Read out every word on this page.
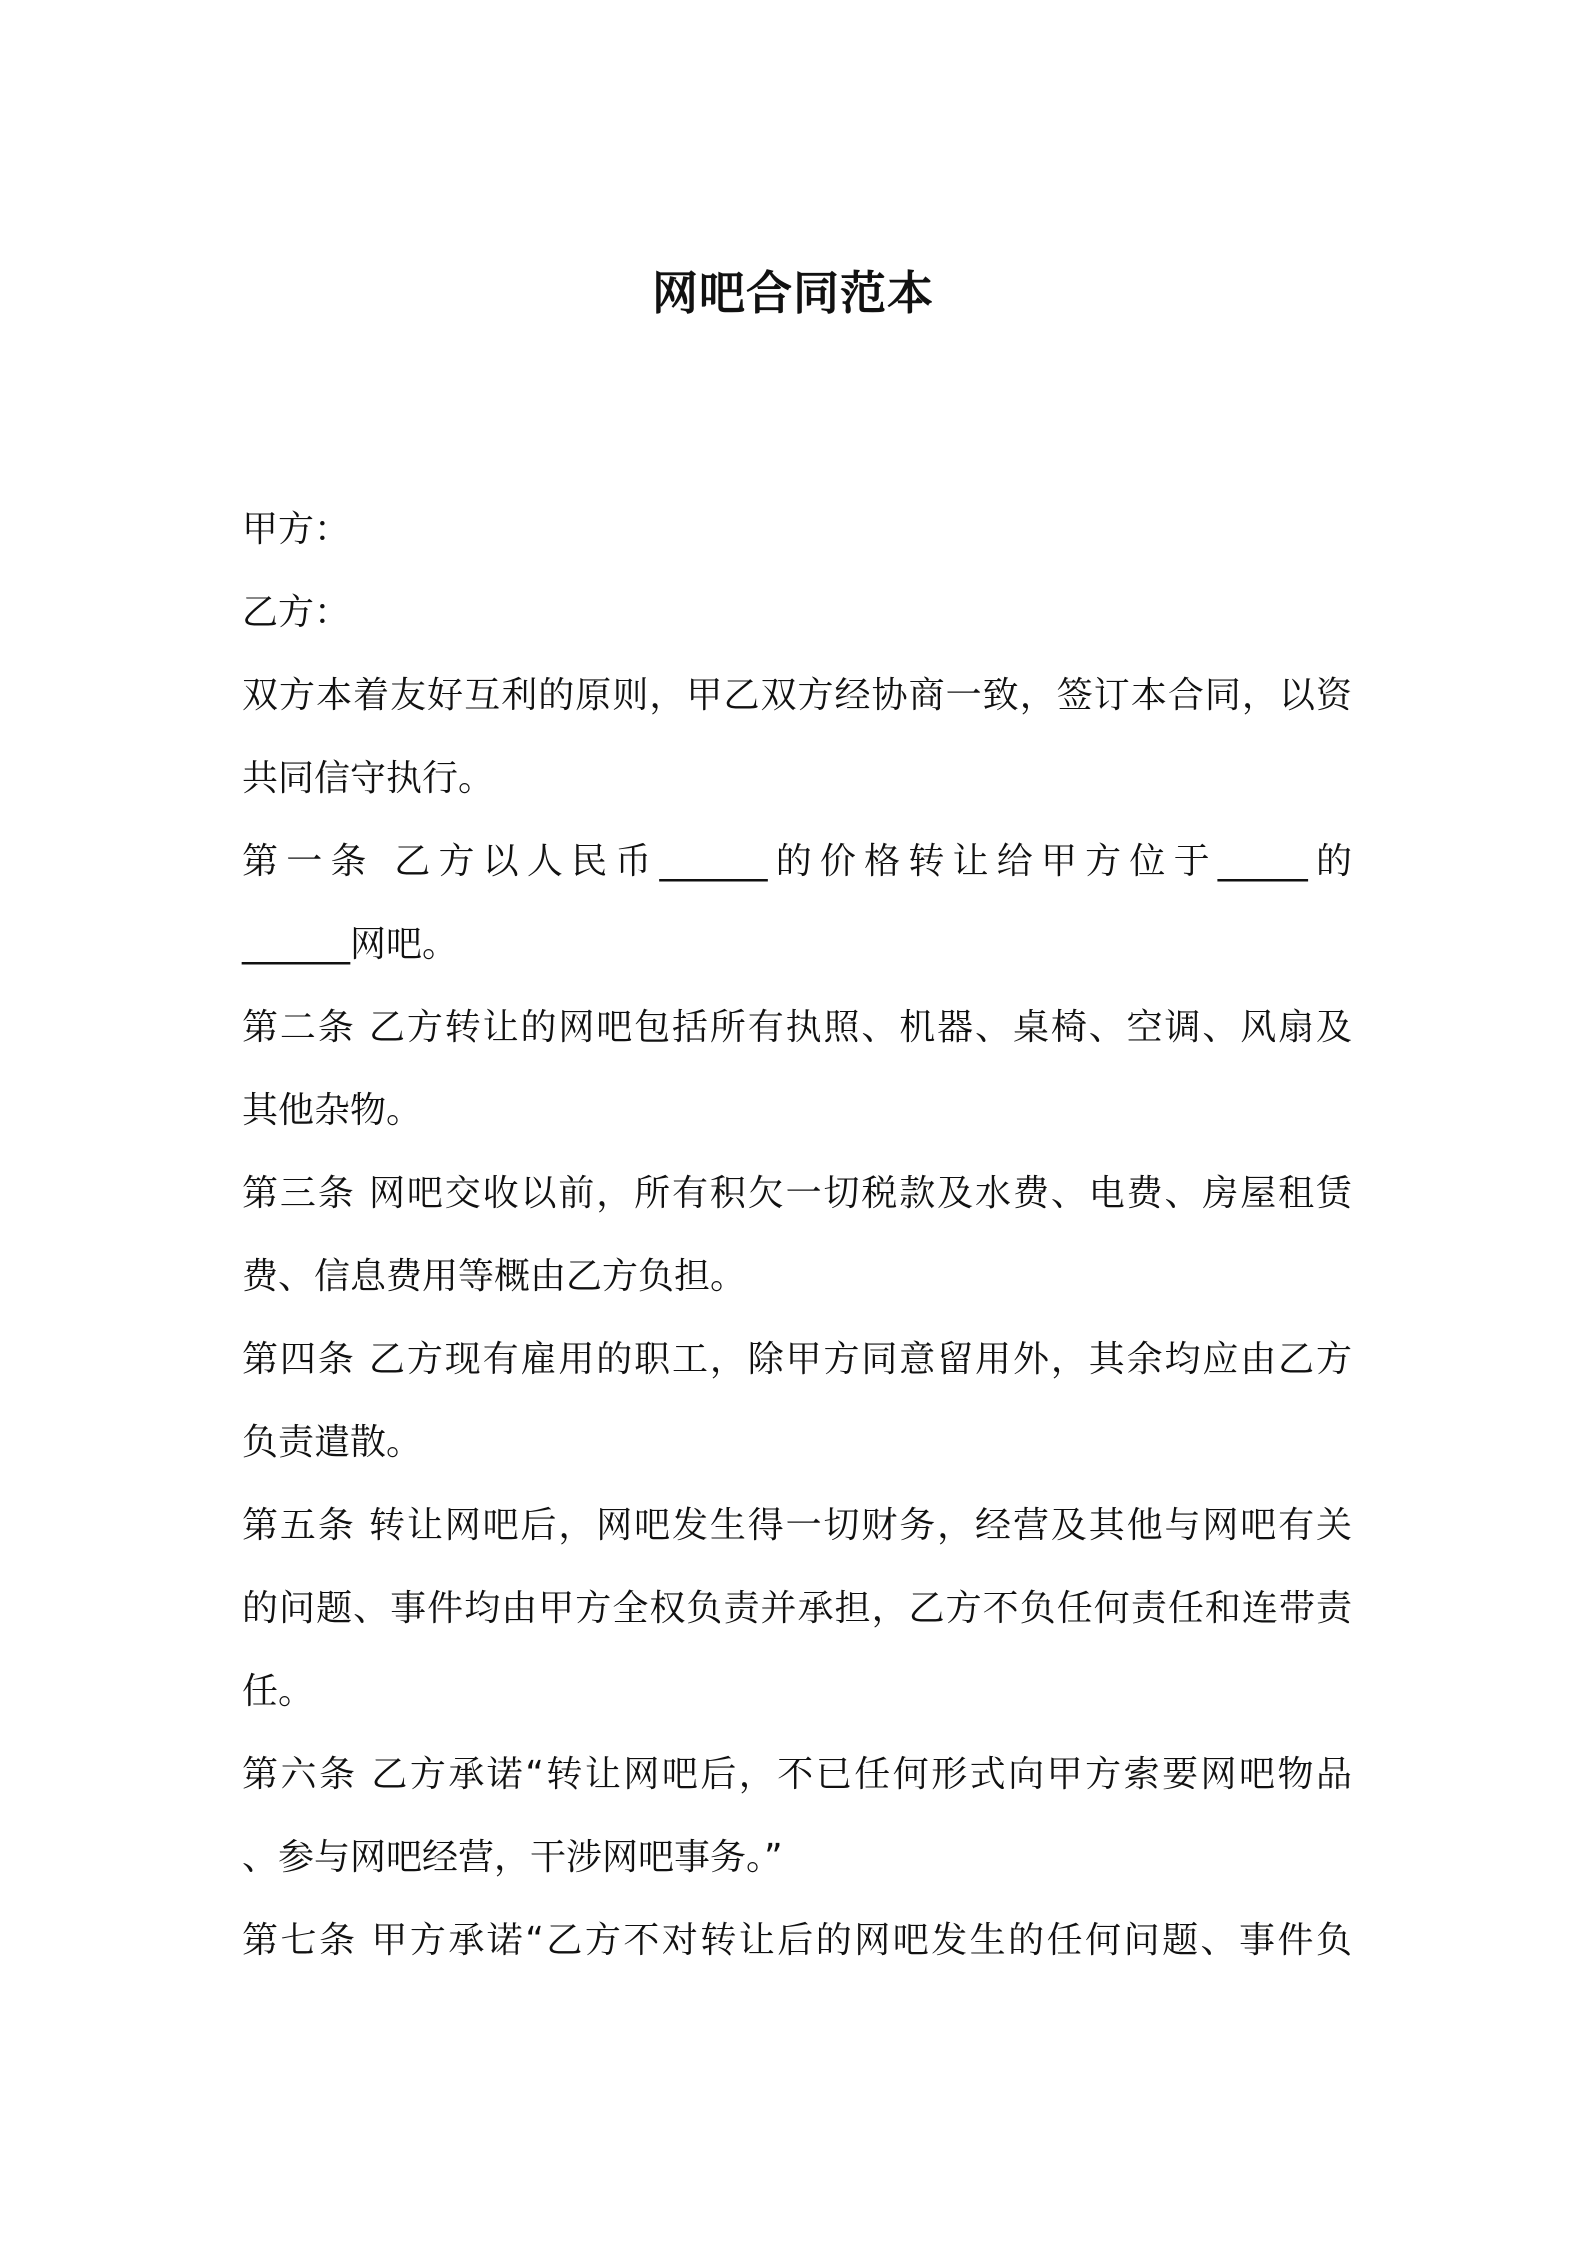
网吧合同范本
甲方：
乙方：
双方本着友好互利的原则，甲乙双方经协商一致，签订本合同，以资
共同信守执行。
第一条 乙方以人民币______的价格转让给甲方位于_____的
______网吧。
第二条 乙方转让的网吧包括所有执照、机器、桌椅、空调、风扇及
其他杂物。
第三条 网吧交收以前，所有积欠一切税款及水费、电费、房屋租赁
费、信息费用等概由乙方负担。
第四条 乙方现有雇用的职工，除甲方同意留用外，其余均应由乙方
负责遣散。
第五条 转让网吧后，网吧发生得一切财务，经营及其他与网吧有关
的问题、事件均由甲方全权负责并承担，乙方不负任何责任和连带责
任。
第六条 乙方承诺“转让网吧后，不已任何形式向甲方索要网吧物品
、参与网吧经营，干涉网吧事务。”
第七条 甲方承诺“乙方不对转让后的网吧发生的任何问题、事件负
